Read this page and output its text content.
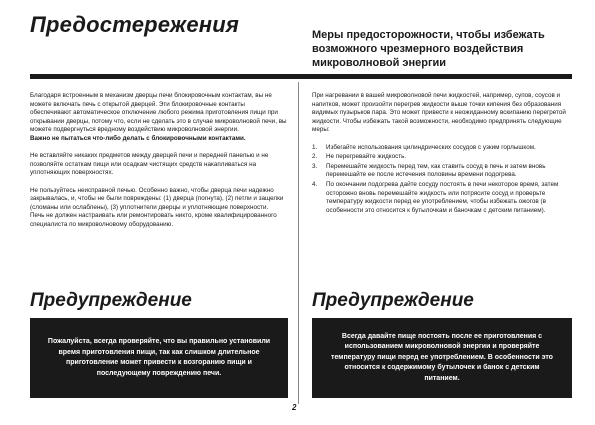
Предостережения	Меры предосторожности, чтобы избежать возможного чрезмерного воздействия микроволновой энергии

Благодаря встроенным в механизм дверцы печи блокировочным контактам, вы не можете включать печь с открытой дверцей. Эти блокировочные контакты обеспечивают автоматическое отключение любого режима приготовления пищи при открывании дверцы, потому что, если не сделать это в случае микроволновой печи, вы можете подвергнуться вредному воздействию микроволновой энергии.

Важно не пытаться что-либо делать с блокировочными контактами.

Не вставляйте никаких предметов между дверцей печи и передней панелью и не позволяйте остаткам пищи или осадкам чистящих средств накапливаться на уплотняющих поверхностях.

Не пользуйтесь неисправной печью. Особенно важно, чтобы дверца печи надежно закрывалась, и, чтобы не были повреждены: (1) дверца (погнута), (2) петли и защелки (сломаны или ослаблены), (3) уплотнители дверцы и уплотняющие поверхности.

Печь не должен настраивать или ремонтировать никто, кроме квалифицированного специалиста по микроволновому оборудованию.

При нагревании в вашей микроволновой печи жидкостей, например, супов, соусов и напитков, может произойти перегрев жидкости выше точки кипения без образования видимых пузырьков пара. Это может привести к неожиданному вскипанию перегретой жидкости. Чтобы избежать такой возможности, необходимо предпринять следующие меры:

1. Избегайте использования цилиндрических сосудов с узким горлышком.
2. Не перегревайте жидкость.
3. Перемешайте жидкость перед тем, как ставить сосуд в печь и затем вновь перемешайте ее после истечения половины времени подогрева.
4. По окончании подогрева дайте сосуду постоять в печи некоторое время, затем осторожно вновь перемешайте жидкость или потрясите сосуд и проверьте температуру жидкости перед ее употреблением, чтобы избежать ожогов (в особенности это относится к бутылочкам и баночкам с детским питанием).
Предупреждение
Пожалуйста, всегда проверяйте, что вы правильно установили время приготовления пищи, так как слишком длительное приготовление может привести к возгоранию пищи и последующему повреждению печи.
Предупреждение
Всегда давайте пище постоять после ее приготовления с использованием микроволновой энергии и проверяйте температуру пищи перед ее употреблением. В особенности это относится к содержимому бутылочек и банок с детским питанием.
2
